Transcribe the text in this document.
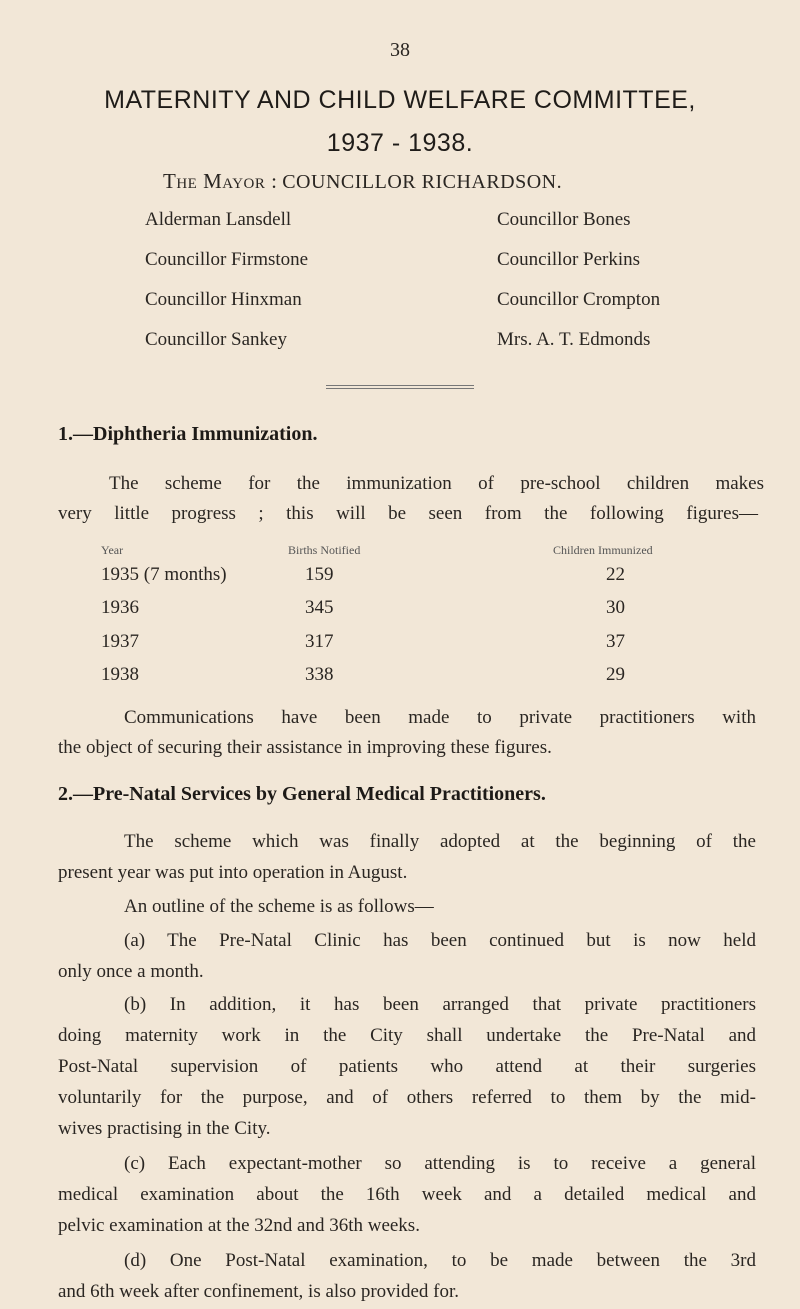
38
MATERNITY AND CHILD WELFARE COMMITTEE,
1937 - 1938.
The Mayor : COUNCILLOR RICHARDSON.
Alderman Lansdell
Councillor Firmstone
Councillor Hinxman
Councillor Sankey
Councillor Bones
Councillor Perkins
Councillor Crompton
Mrs. A. T. Edmonds
1.—Diphtheria Immunization.
The scheme for the immunization of pre-school children makes
very little progress ; this will be seen from the following figures—
Year	Births Notified	Children Immunized
1935 (7 months)	159	22
1936	345	30
1937	317	37
1938	338	29
Communications have been made to private practitioners with
the object of securing their assistance in improving these figures.
2.—Pre-Natal Services by General Medical Practitioners.
The scheme which was finally adopted at the beginning of the
present year was put into operation in August.
An outline of the scheme is as follows—
(a) The Pre-Natal Clinic has been continued but is now held
only once a month.
(b) In addition, it has been arranged that private practitioners
doing maternity work in the City shall undertake the Pre-Natal and
Post-Natal supervision of patients who attend at their surgeries
voluntarily for the purpose, and of others referred to them by the mid-
wives practising in the City.
(c) Each expectant-mother so attending is to receive a general
medical examination about the 16th week and a detailed medical and
pelvic examination at the 32nd and 36th weeks.
(d) One Post-Natal examination, to be made between the 3rd
and 6th week after confinement, is also provided for.
